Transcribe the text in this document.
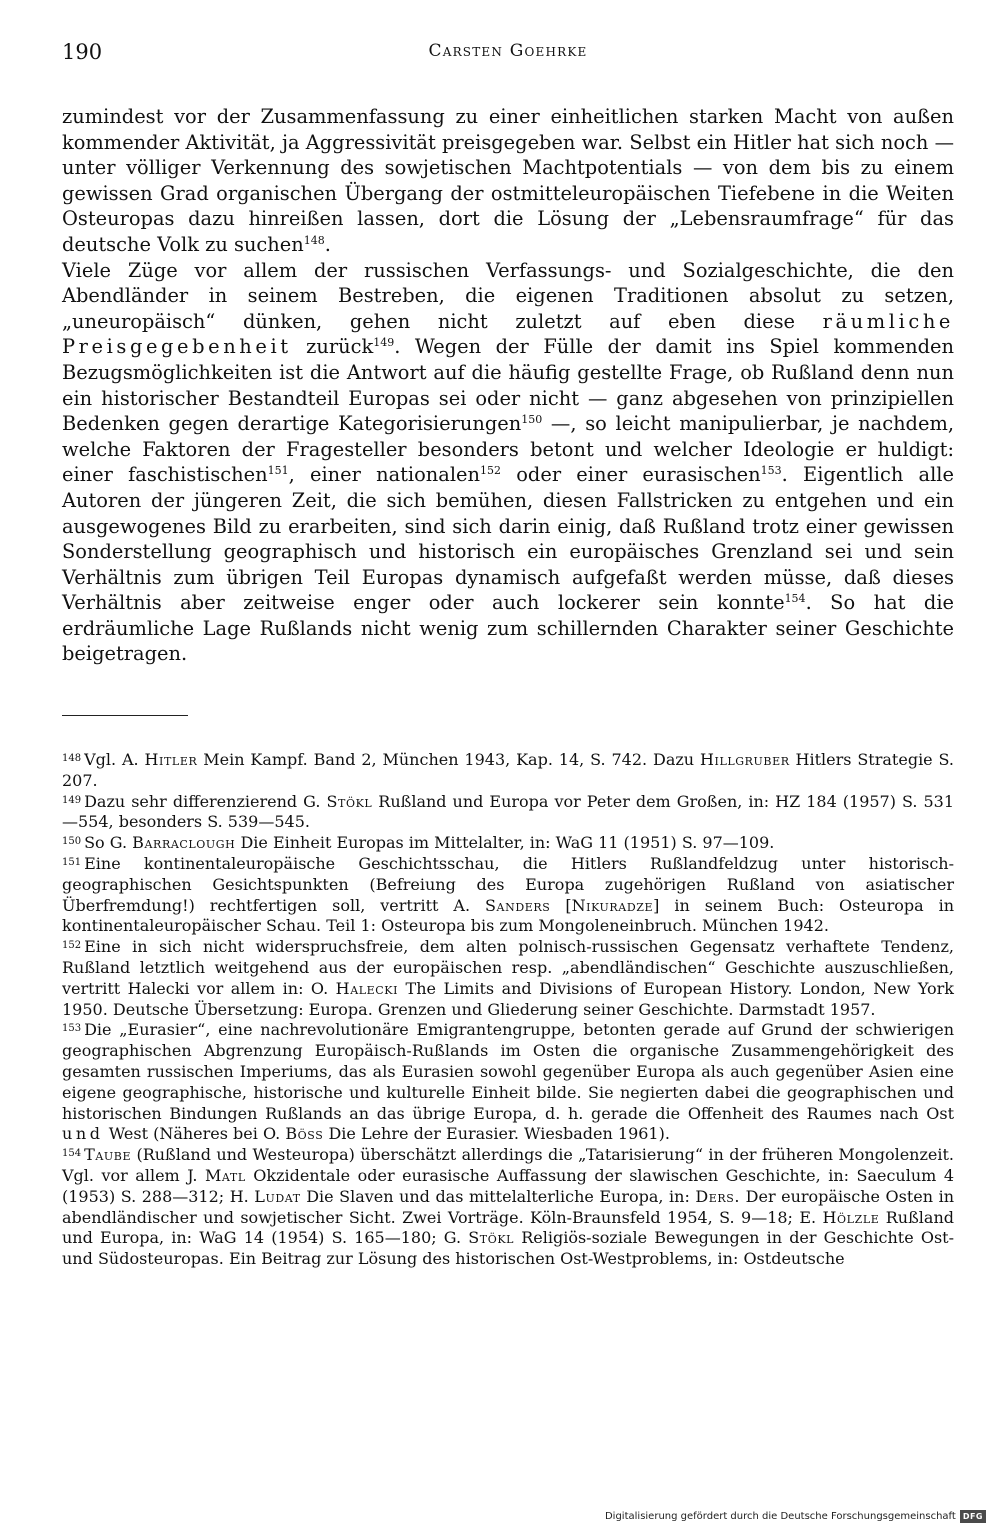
190	Carsten Goehrke

zumindest vor der Zusammenfassung zu einer einheitlichen starken Macht von außen kommender Aktivität, ja Aggressivität preisgegeben war. Selbst ein Hitler hat sich noch — unter völliger Verkennung des sowjetischen Machtpotentials — von dem bis zu einem gewissen Grad organischen Übergang der ostmitteleuropäischen Tiefebene in die Weiten Osteuropas dazu hinreißen lassen, dort die Lösung der „Lebensraumfrage“ für das deutsche Volk zu suchen$^{148}$.

Viele Züge vor allem der russischen Verfassungs- und Sozialgeschichte, die den Abendländer in seinem Bestreben, die eigenen Traditionen absolut zu setzen, „uneuropäisch“ dünken, gehen nicht zuletzt auf eben diese räumliche Preisgegebenheit zurück$^{149}$. Wegen der Fülle der damit ins Spiel kommenden Bezugsmöglichkeiten ist die Antwort auf die häufig gestellte Frage, ob Rußland denn nun ein historischer Bestandteil Europas sei oder nicht — ganz abgesehen von prinzipiellen Bedenken gegen derartige Kategorisierungen$^{150}$ —, so leicht manipulierbar, je nachdem, welche Faktoren der Fragesteller besonders betont und welcher Ideologie er huldigt: einer faschistischen$^{151}$, einer nationalen$^{152}$ oder einer eurasischen$^{153}$. Eigentlich alle Autoren der jüngeren Zeit, die sich bemühen, diesen Fallstricken zu entgehen und ein ausgewogenes Bild zu erarbeiten, sind sich darin einig, daß Rußland trotz einer gewissen Sonderstellung geographisch und historisch ein europäisches Grenzland sei und sein Verhältnis zum übrigen Teil Europas dynamisch aufgefaßt werden müsse, daß dieses Verhältnis aber zeitweise enger oder auch lockerer sein konnte$^{154}$. So hat die erdräumliche Lage Rußlands nicht wenig zum schillernden Charakter seiner Geschichte beigetragen.

$^{148}$ Vgl. A. Hitler Mein Kampf. Band 2, München 1943, Kap. 14, S. 742. Dazu Hillgruber Hitlers Strategie S. 207.

$^{149}$ Dazu sehr differenzierend G. Stökl Rußland und Europa vor Peter dem Großen, in: HZ 184 (1957) S. 531—554, besonders S. 539—545.

$^{150}$ So G. Barraclough Die Einheit Europas im Mittelalter, in: WaG 11 (1951) S. 97—109.

$^{151}$ Eine kontinentaleuropäische Geschichtsschau, die Hitlers Rußlandfeldzug unter historisch-geographischen Gesichtspunkten (Befreiung des Europa zugehörigen Rußland von asiatischer Überfremdung!) rechtfertigen soll, vertritt A. Sanders [Nikuradze] in seinem Buch: Osteuropa in kontinentaleuropäischer Schau. Teil 1: Osteuropa bis zum Mongoleneinbruch. München 1942.

$^{152}$ Eine in sich nicht widerspruchsfreie, dem alten polnisch-russischen Gegensatz verhaftete Tendenz, Rußland letztlich weitgehend aus der europäischen resp. „abendländischen“ Geschichte auszuschließen, vertritt Halecki vor allem in: O. Halecki The Limits and Divisions of European History. London, New York 1950. Deutsche Übersetzung: Europa. Grenzen und Gliederung seiner Geschichte. Darmstadt 1957.

$^{153}$ Die „Eurasier“, eine nachrevolutionäre Emigrantengruppe, betonten gerade auf Grund der schwierigen geographischen Abgrenzung Europäisch-Rußlands im Osten die organische Zusammengehörigkeit des gesamten russischen Imperiums, das als Eurasien sowohl gegenüber Europa als auch gegenüber Asien eine eigene geographische, historische und kulturelle Einheit bilde. Sie negierten dabei die geographischen und historischen Bindungen Rußlands an das übrige Europa, d. h. gerade die Offenheit des Raumes nach Ost und West (Näheres bei O. Böss Die Lehre der Eurasier. Wiesbaden 1961).

$^{154}$ Taube (Rußland und Westeuropa) überschätzt allerdings die „Tatarisierung“ in der früheren Mongolenzeit. Vgl. vor allem J. Matl Okzidentale oder eurasische Auffassung der slawischen Geschichte, in: Saeculum 4 (1953) S. 288—312; H. Ludat Die Slaven und das mittelalterliche Europa, in: Ders. Der europäische Osten in abendländischer und sowjetischer Sicht. Zwei Vorträge. Köln-Braunsfeld 1954, S. 9—18; E. Hölzle Rußland und Europa, in: WaG 14 (1954) S. 165—180; G. Stökl Religiös-soziale Bewegungen in der Geschichte Ost- und Südosteuropas. Ein Beitrag zur Lösung des historischen Ost-Westproblems, in: Ostdeutsche

Digitalisierung gefördert durch die Deutsche Forschungsgemeinschaft DFG
